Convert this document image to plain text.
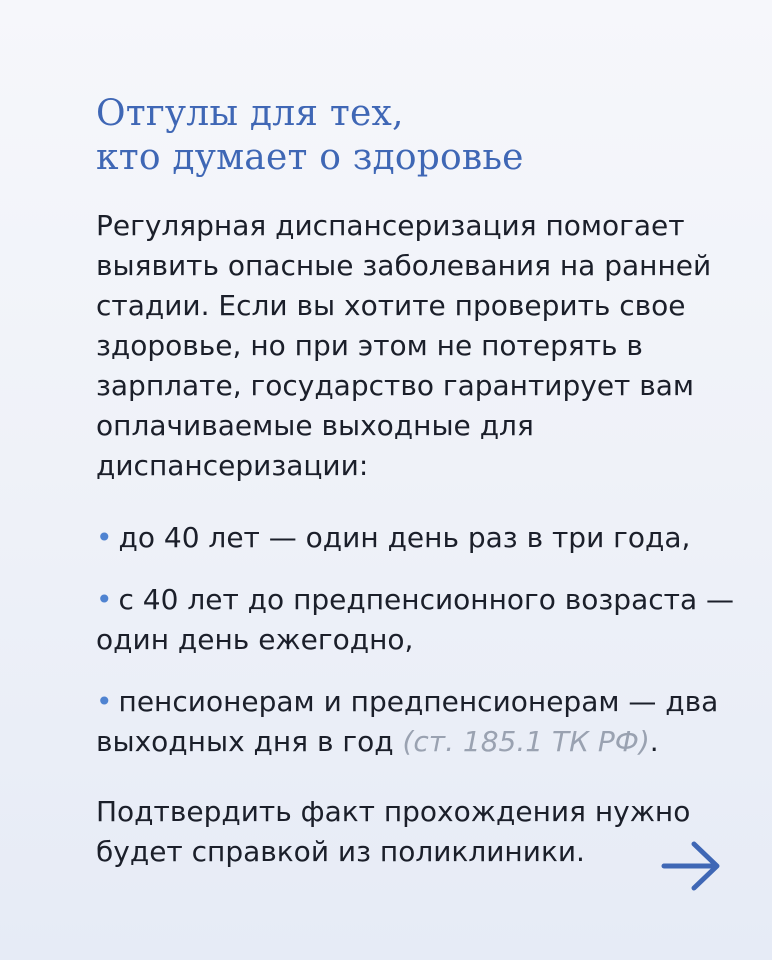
Отгулы для тех,
кто думает о здоровье

Регулярная диспансеризация помогает выявить опасные заболевания на ранней стадии. Если вы хотите проверить свое здоровье, но при этом не потерять в зарплате, государство гарантирует вам оплачиваемые выходные для диспансеризации:

• до 40 лет — один день раз в три года,
• с 40 лет до предпенсионного возраста — один день ежегодно,
• пенсионерам и предпенсионерам — два выходных дня в год (ст. 185.1 ТК РФ).

Подтвердить факт прохождения нужно будет справкой из поликлиники.
